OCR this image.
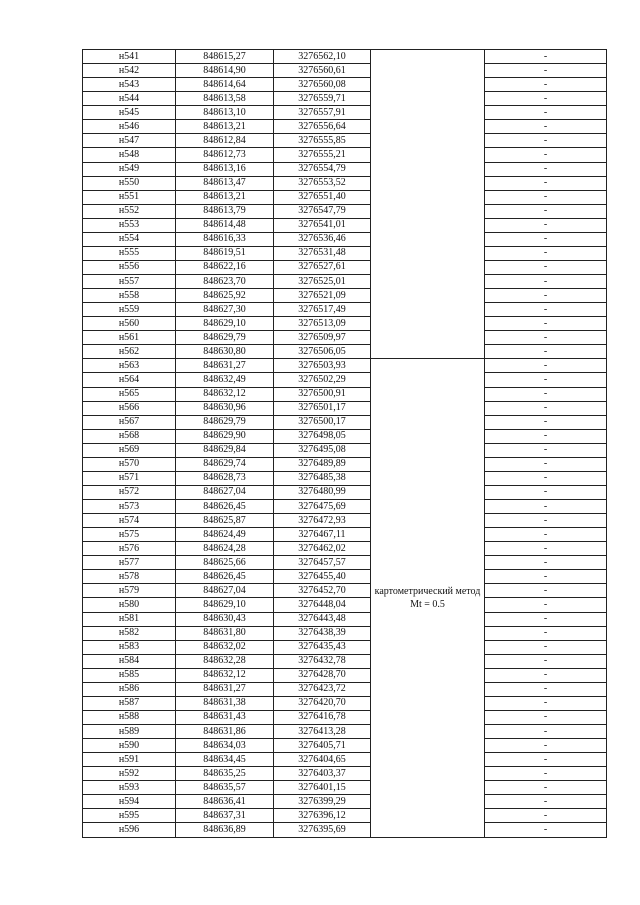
н541	848615,27	3276562,10		-
н542	848614,90	3276560,61		-
н543	848614,64	3276560,08		-
н544	848613,58	3276559,71		-
н545	848613,10	3276557,91		-
н546	848613,21	3276556,64		-
н547	848612,84	3276555,85		-
н548	848612,73	3276555,21		-
н549	848613,16	3276554,79		-
н550	848613,47	3276553,52		-
н551	848613,21	3276551,40		-
н552	848613,79	3276547,79		-
н553	848614,48	3276541,01		-
н554	848616,33	3276536,46		-
н555	848619,51	3276531,48		-
н556	848622,16	3276527,61		-
н557	848623,70	3276525,01		-
н558	848625,92	3276521,09		-
н559	848627,30	3276517,49		-
н560	848629,10	3276513,09		-
н561	848629,79	3276509,97		-
н562	848630,80	3276506,05		-
н563	848631,27	3276503,93	картометрический метод Mt = 0.5	-
н564	848632,49	3276502,29		-
н565	848632,12	3276500,91		-
н566	848630,96	3276501,17		-
н567	848629,79	3276500,17		-
н568	848629,90	3276498,05		-
н569	848629,84	3276495,08		-
н570	848629,74	3276489,89		-
н571	848628,73	3276485,38		-
н572	848627,04	3276480,99		-
н573	848626,45	3276475,69		-
н574	848625,87	3276472,93		-
н575	848624,49	3276467,11		-
н576	848624,28	3276462,02		-
н577	848625,66	3276457,57		-
н578	848626,45	3276455,40		-
н579	848627,04	3276452,70		-
н580	848629,10	3276448,04		-
н581	848630,43	3276443,48		-
н582	848631,80	3276438,39		-
н583	848632,02	3276435,43		-
н584	848632,28	3276432,78		-
н585	848632,12	3276428,70		-
н586	848631,27	3276423,72		-
н587	848631,38	3276420,70		-
н588	848631,43	3276416,78		-
н589	848631,86	3276413,28		-
н590	848634,03	3276405,71		-
н591	848634,45	3276404,65		-
н592	848635,25	3276403,37		-
н593	848635,57	3276401,15		-
н594	848636,41	3276399,29		-
н595	848637,31	3276396,12		-
н596	848636,89	3276395,69		-
